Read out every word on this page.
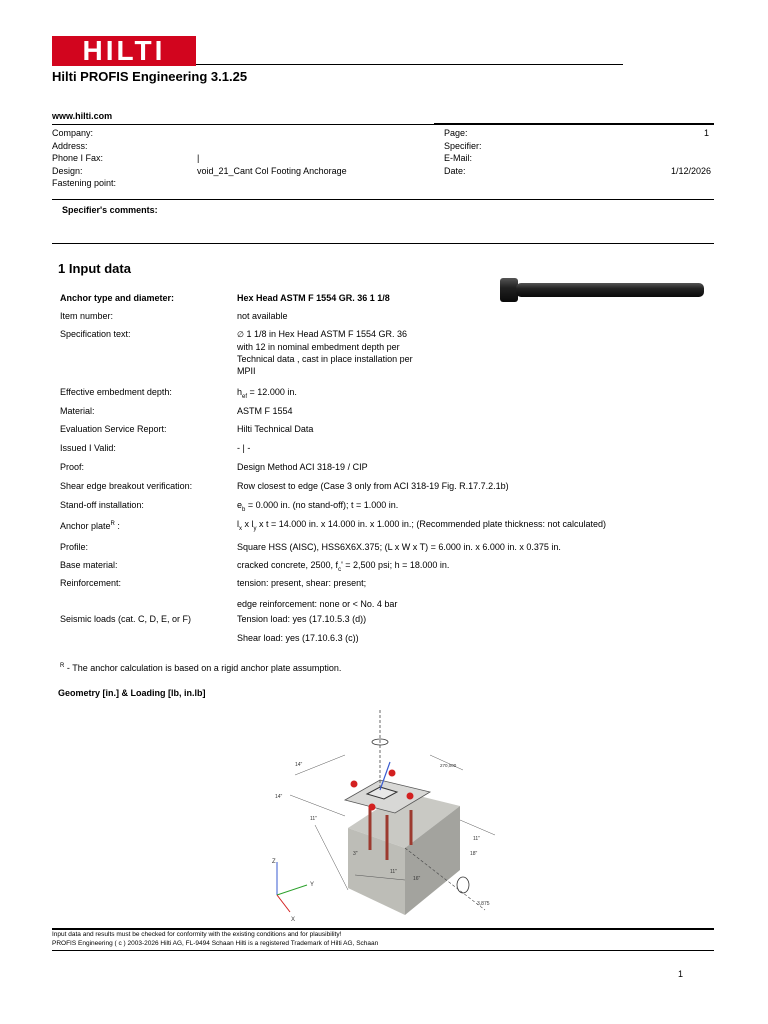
HILTI
Hilti PROFIS Engineering 3.1.25
www.hilti.com
Company:
Address:
Phone I Fax:	|
Design:	void_21_Cant Col Footing Anchorage
Fastening point:
Page:	1
Specifier:
E-Mail:
Date:	1/12/2026
Specifier's comments:
1 Input data
Anchor type and diameter:	Hex Head ASTM F 1554 GR. 36 1 1/8
Item number:	not available
Specification text:	∅ 1 1/8 in Hex Head ASTM F 1554 GR. 36
with 12 in nominal embedment depth per
Technical data , cast in place installation per
MPII
Effective embedment depth:	$h_{ef} = 12.000$ in.
Material:	ASTM F 1554
Evaluation Service Report:	Hilti Technical Data
Issued I Valid:	- | -
Proof:	Design Method ACI 318-19 / CIP
Shear edge breakout verification:	Row closest to edge (Case 3 only from ACI 318-19 Fig. R.17.7.2.1b)
Stand-off installation:	$e_b = 0.000$ in. (no stand-off); t = 1.000 in.
Anchor plate$^R$ :	$l_x$ x $l_y$ x t = 14.000 in. x 14.000 in. x 1.000 in.; (Recommended plate thickness: not calculated)
Profile:	Square HSS (AISC), HSS6X6X.375; (L x W x T) = 6.000 in. x 6.000 in. x 0.375 in.
Base material:	cracked concrete, 2500, $f_c' = 2,500$ psi; h = 18.000 in.
Reinforcement:	tension: present, shear: present;
edge reinforcement: none or < No. 4 bar
Seismic loads (cat. C, D, E, or F)	Tension load: yes (17.10.5.3 (d))
Shear load: yes (17.10.6.3 (c))
$^R$ - The anchor calculation is based on a rigid anchor plate assumption.
Geometry [in.] & Loading [lb, in.lb]
270,000
14"
14"
11"
16"
11"
18"
11"
3"
3,875
Z
Y
X
Input data and results must be checked for conformity with the existing conditions and for plausibility!
PROFIS Engineering ( c ) 2003-2026 Hilti AG, FL-9494 Schaan Hilti is a registered Trademark of Hilti AG, Schaan
1
